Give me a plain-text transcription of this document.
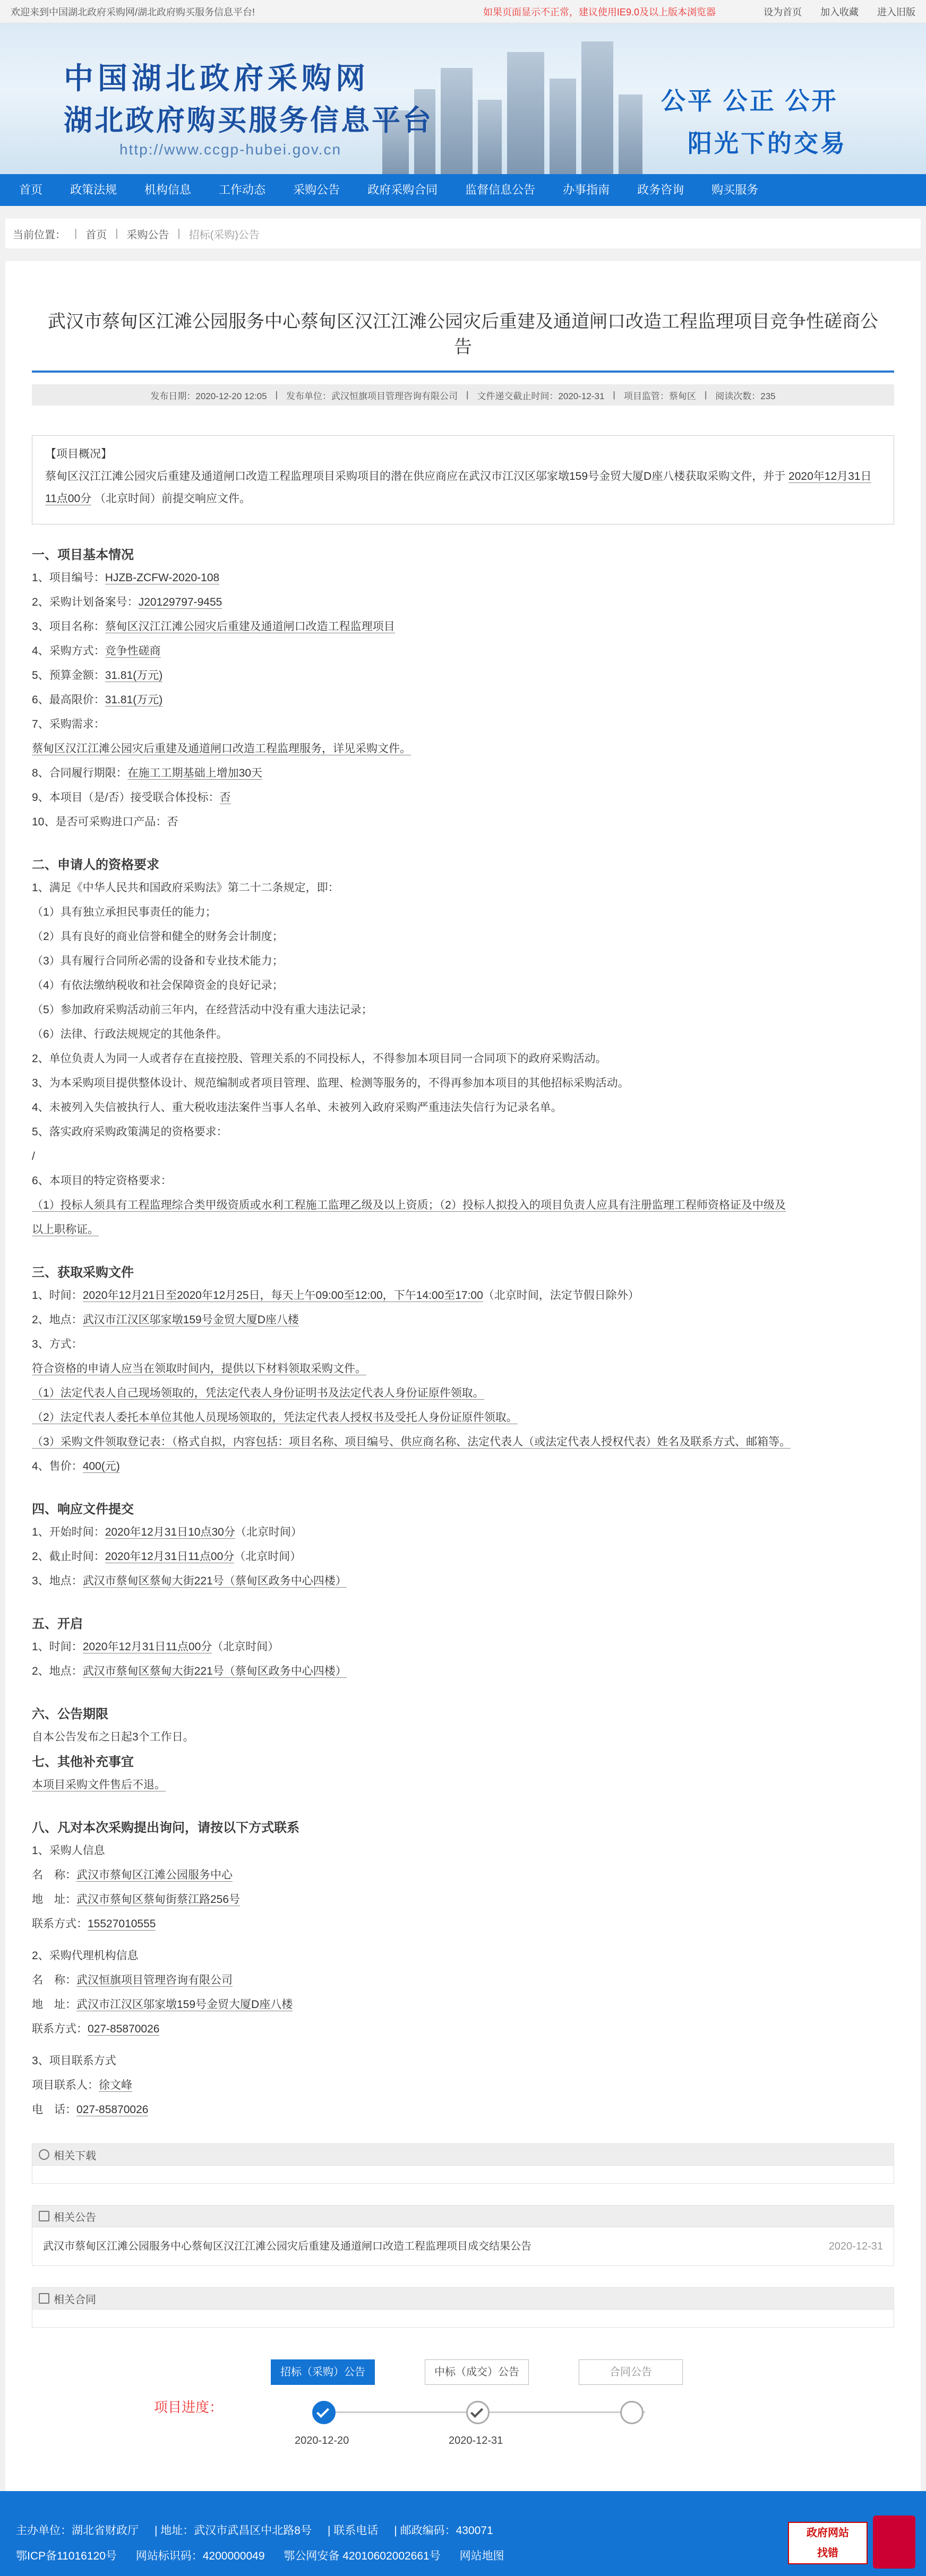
欢迎来到中国湖北政府采购网/湖北政府购买服务信息平台!	如果页面显示不正常，建议使用IE9.0及以上版本浏览器	设为首页 加入收藏 进入旧版
中国湖北政府采购网
湖北政府购买服务信息平台
http://www.ccgp-hubei.gov.cn
公平 公正 公开
阳光下的交易
首页	政策法规	机构信息	工作动态	采购公告	政府采购合同	监督信息公告	办事指南	政务咨询	购买服务
当前位置： | 首页 | 采购公告 | 招标(采购)公告
武汉市蔡甸区江滩公园服务中心蔡甸区汉江江滩公园灾后重建及通道闸口改造工程监理项目竞争性磋商公告
发布日期：2020-12-20 12:05 | 发布单位：武汉恒旗项目管理咨询有限公司 | 文件递交截止时间：2020-12-31 | 项目监管：蔡甸区 | 阅读次数：235
【项目概况】
蔡甸区汉江江滩公园灾后重建及通道闸口改造工程监理项目采购项目的潜在供应商应在武汉市江汉区邬家墩159号金贸大厦D座八楼获取采购文件，并于 2020年12月31日11点00分 （北京时间）前提交响应文件。
一、项目基本情况
1、项目编号：HJZB-ZCFW-2020-108
2、采购计划备案号：J20129797-9455
3、项目名称：蔡甸区汉江江滩公园灾后重建及通道闸口改造工程监理项目
4、采购方式：竞争性磋商
5、预算金额：31.81(万元)
6、最高限价：31.81(万元)
7、采购需求：
蔡甸区汉江江滩公园灾后重建及通道闸口改造工程监理服务，详见采购文件。
8、合同履行期限：在施工工期基础上增加30天
9、本项目（是/否）接受联合体投标：否
10、是否可采购进口产品：否
二、申请人的资格要求
1、满足《中华人民共和国政府采购法》第二十二条规定，即：
（1）具有独立承担民事责任的能力；
（2）具有良好的商业信誉和健全的财务会计制度；
（3）具有履行合同所必需的设备和专业技术能力；
（4）有依法缴纳税收和社会保障资金的良好记录；
（5）参加政府采购活动前三年内，在经营活动中没有重大违法记录；
（6）法律、行政法规规定的其他条件。
2、单位负责人为同一人或者存在直接控股、管理关系的不同投标人，不得参加本项目同一合同项下的政府采购活动。
3、为本采购项目提供整体设计、规范编制或者项目管理、监理、检测等服务的，不得再参加本项目的其他招标采购活动。
4、未被列入失信被执行人、重大税收违法案件当事人名单、未被列入政府采购严重违法失信行为记录名单。
5、落实政府采购政策满足的资格要求：
/
6、本项目的特定资格要求：
（1）投标人须具有工程监理综合类甲级资质或水利工程施工监理乙级及以上资质；（2）投标人拟投入的项目负责人应具有注册监理工程师资格证及中级及
以上职称证。
三、获取采购文件
1、时间：2020年12月21日至2020年12月25日，每天上午09:00至12:00，下午14:00至17:00（北京时间，法定节假日除外）
2、地点：武汉市江汉区邬家墩159号金贸大厦D座八楼
3、方式：
符合资格的申请人应当在领取时间内，提供以下材料领取采购文件。
（1）法定代表人自己现场领取的，凭法定代表人身份证明书及法定代表人身份证原件领取。
（2）法定代表人委托本单位其他人员现场领取的，凭法定代表人授权书及受托人身份证原件领取。
（3）采购文件领取登记表：（格式自拟，内容包括：项目名称、项目编号、供应商名称、法定代表人（或法定代表人授权代表）姓名及联系方式、邮箱等。
4、售价：400(元)
四、响应文件提交
1、开始时间：2020年12月31日10点30分（北京时间）
2、截止时间：2020年12月31日11点00分（北京时间）
3、地点：武汉市蔡甸区蔡甸大街221号（蔡甸区政务中心四楼）
五、开启
1、时间：2020年12月31日11点00分（北京时间）
2、地点：武汉市蔡甸区蔡甸大街221号（蔡甸区政务中心四楼）
六、公告期限
自本公告发布之日起3个工作日。
七、其他补充事宜
本项目采购文件售后不退。
八、凡对本次采购提出询问，请按以下方式联系
1、采购人信息
名　称：武汉市蔡甸区江滩公园服务中心
地　址：武汉市蔡甸区蔡甸街蔡江路256号
联系方式：15527010555
2、采购代理机构信息
名　称：武汉恒旗项目管理咨询有限公司
地　址：武汉市江汉区邬家墩159号金贸大厦D座八楼
联系方式：027-85870026
3、项目联系方式
项目联系人：徐文峰
电　话：027-85870026
相关下载
相关公告
武汉市蔡甸区江滩公园服务中心蔡甸区汉江江滩公园灾后重建及通道闸口改造工程监理项目成交结果公告	2020-12-31
相关合同
项目进度：
招标（采购）公告	中标（成交）公告	合同公告
2020-12-20	2020-12-31
主办单位：湖北省财政厅 | 地址：武汉市武昌区中北路8号 | 联系电话 | 邮政编码：430071
鄂ICP备11016120号 网站标识码：4200000049 鄂公网安备 42010602002661号 网站地图
政府网站
找错
